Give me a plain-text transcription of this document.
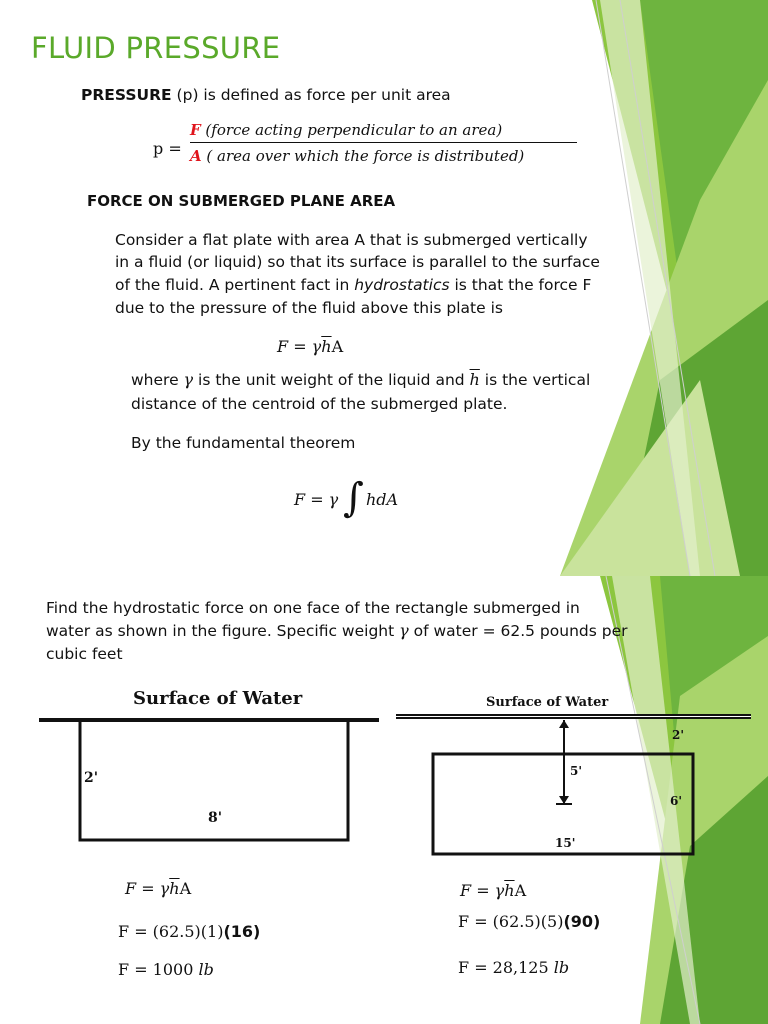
FLUID PRESSURE
PRESSURE (p) is defined as force per unit area
p =
F (force acting perpendicular to an area)
A ( area over which the force is distributed)
FORCE ON SUBMERGED PLANE AREA
Consider a flat plate with area A that is submerged vertically
in a fluid (or liquid) so that its surface is parallel to the surface
of the fluid. A pertinent fact in hydrostatics is that the force F
due to the pressure of the fluid above this plate is
$F = \gamma\overline{h}A$
where γ is the unit weight of the liquid and $\overline{h}$ is the vertical
distance of the centroid of the submerged plate.
By the fundamental theorem
F = γ ∫ hdA
Find the hydrostatic force on one face of the rectangle submerged in
water as shown in the figure. Specific weight γ of water = 62.5 pounds per
cubic feet
Surface of Water
2'
8'
Surface of Water
2'
5'
6'
15'
$F = \gamma\overline{h}A$
F = (62.5)(1)(16)
F = 1000 lb
$F = \gamma\overline{h}A$
F = (62.5)(5)(90)
F = 28,125 lb
